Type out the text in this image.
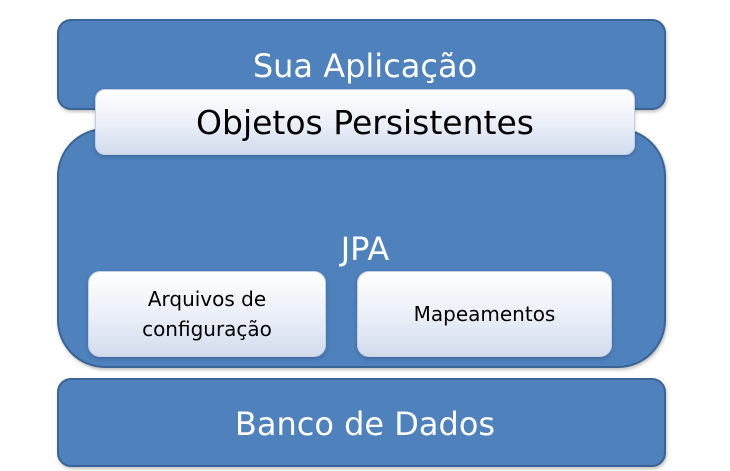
Sua Aplicação
JPA
Objetos Persistentes
Arquivos de configuração
Mapeamentos
Banco de Dados
